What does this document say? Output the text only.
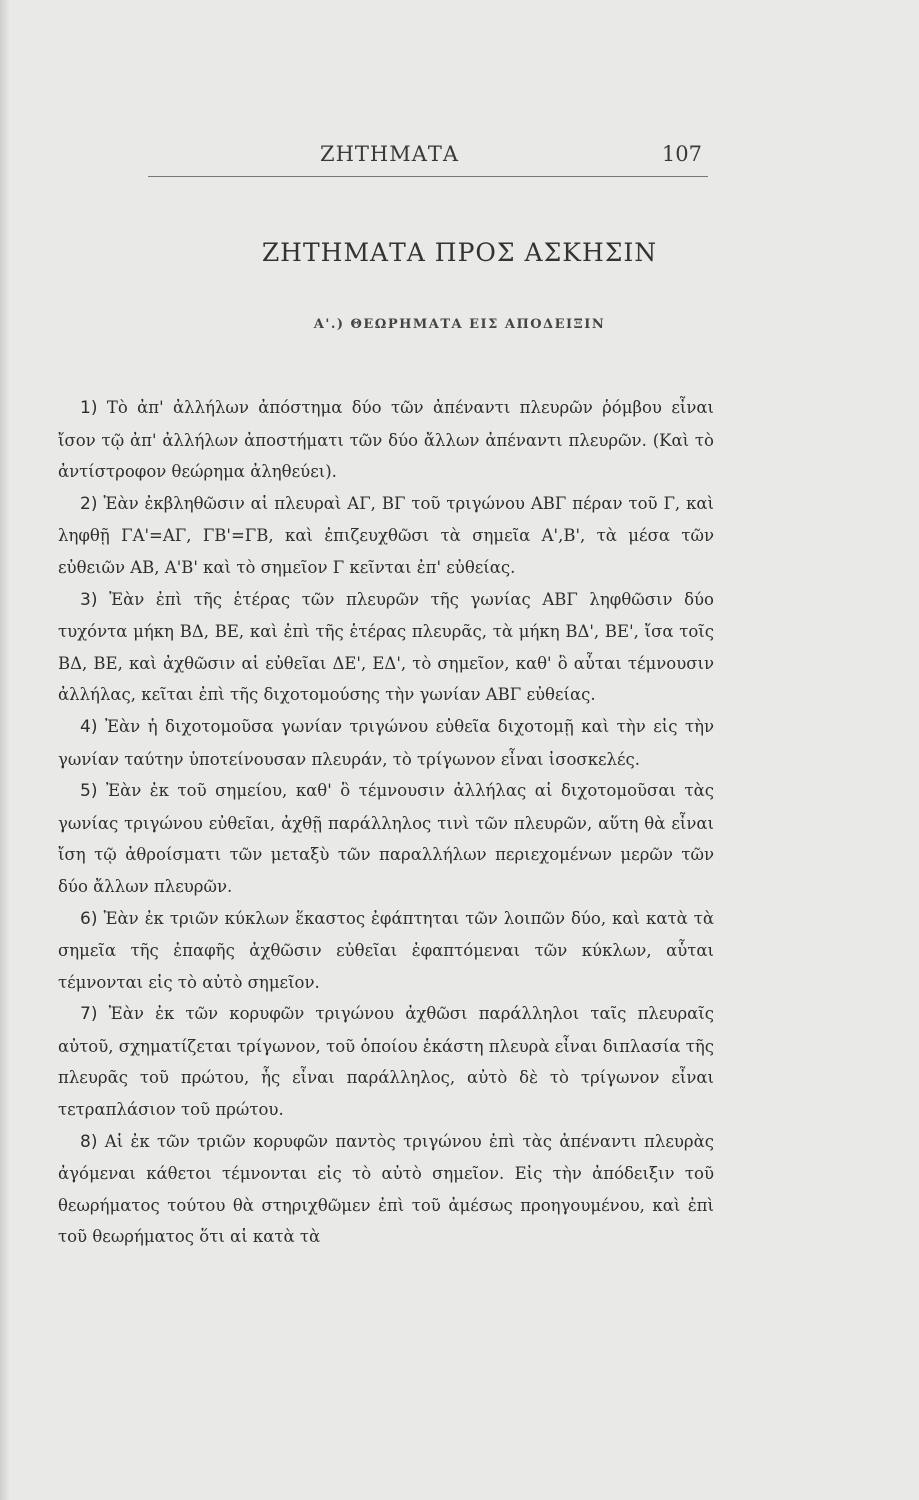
ΖΗΤΗΜΑΤΑ	107
ΖΗΤΗΜΑΤΑ ΠΡΟΣ ΑΣΚΗΣΙΝ
Α'.) ΘΕΩΡΗΜΑΤΑ ΕΙΣ ΑΠΟΔΕΙΞΙΝ

1) Τὸ ἀπ' ἀλλήλων ἀπόστημα δύο τῶν ἀπέναντι πλευρῶν ῥόμβου εἶναι ἴσον τῷ ἀπ' ἀλλήλων ἀποστήματι τῶν δύο ἄλλων ἀπέναντι πλευρῶν. (Καὶ τὸ ἀντίστροφον θεώρημα ἀληθεύει).

2) Ἐὰν ἐκβληθῶσιν αἱ πλευραὶ ΑΓ, ΒΓ τοῦ τριγώνου ΑΒΓ πέραν τοῦ Γ, καὶ ληφθῇ ΓΑ'=ΑΓ, ΓΒ'=ΓΒ, καὶ ἐπιζευχθῶσι τὰ σημεῖα Α',Β', τὰ μέσα τῶν εὐθειῶν ΑΒ, Α'Β' καὶ τὸ σημεῖον Γ κεῖνται ἐπ' εὐθείας.

3) Ἐὰν ἐπὶ τῆς ἑτέρας τῶν πλευρῶν τῆς γωνίας ΑΒΓ ληφθῶσιν δύο τυχόντα μήκη ΒΔ, ΒΕ, καὶ ἐπὶ τῆς ἑτέρας πλευρᾶς, τὰ μήκη ΒΔ', ΒΕ', ἴσα τοῖς ΒΔ, ΒΕ, καὶ ἀχθῶσιν αἱ εὐθεῖαι ΔΕ', ΕΔ', τὸ σημεῖον, καθ' ὃ αὗται τέμνουσιν ἀλλήλας, κεῖται ἐπὶ τῆς διχοτομούσης τὴν γωνίαν ΑΒΓ εὐθείας.

4) Ἐὰν ἡ διχοτομοῦσα γωνίαν τριγώνου εὐθεῖα διχοτομῇ καὶ τὴν εἰς τὴν γωνίαν ταύτην ὑποτείνουσαν πλευράν, τὸ τρίγωνον εἶναι ἰσοσκελές.

5) Ἐὰν ἐκ τοῦ σημείου, καθ' ὃ τέμνουσιν ἀλλήλας αἱ διχοτομοῦσαι τὰς γωνίας τριγώνου εὐθεῖαι, ἀχθῇ παράλληλος τινὶ τῶν πλευρῶν, αὕτη θὰ εἶναι ἴση τῷ ἀθροίσματι τῶν μεταξὺ τῶν παραλλήλων περιεχομένων μερῶν τῶν δύο ἄλλων πλευρῶν.

6) Ἐὰν ἐκ τριῶν κύκλων ἕκαστος ἐφάπτηται τῶν λοιπῶν δύο, καὶ κατὰ τὰ σημεῖα τῆς ἐπαφῆς ἀχθῶσιν εὐθεῖαι ἐφαπτόμεναι τῶν κύκλων, αὗται τέμνονται εἰς τὸ αὐτὸ σημεῖον.

7) Ἐὰν ἐκ τῶν κορυφῶν τριγώνου ἀχθῶσι παράλληλοι ταῖς πλευραῖς αὐτοῦ, σχηματίζεται τρίγωνον, τοῦ ὁποίου ἑκάστη πλευρὰ εἶναι διπλασία τῆς πλευρᾶς τοῦ πρώτου, ἧς εἶναι παράλληλος, αὐτὸ δὲ τὸ τρίγωνον εἶναι τετραπλάσιον τοῦ πρώτου.

8) Αἱ ἐκ τῶν τριῶν κορυφῶν παντὸς τριγώνου ἐπὶ τὰς ἀπέναντι πλευρὰς ἀγόμεναι κάθετοι τέμνονται εἰς τὸ αὐτὸ σημεῖον. Εἰς τὴν ἀπόδειξιν τοῦ θεωρήματος τούτου θὰ στηριχθῶμεν ἐπὶ τοῦ ἀμέσως προηγουμένου, καὶ ἐπὶ τοῦ θεωρήματος ὅτι αἱ κατὰ τὰ
